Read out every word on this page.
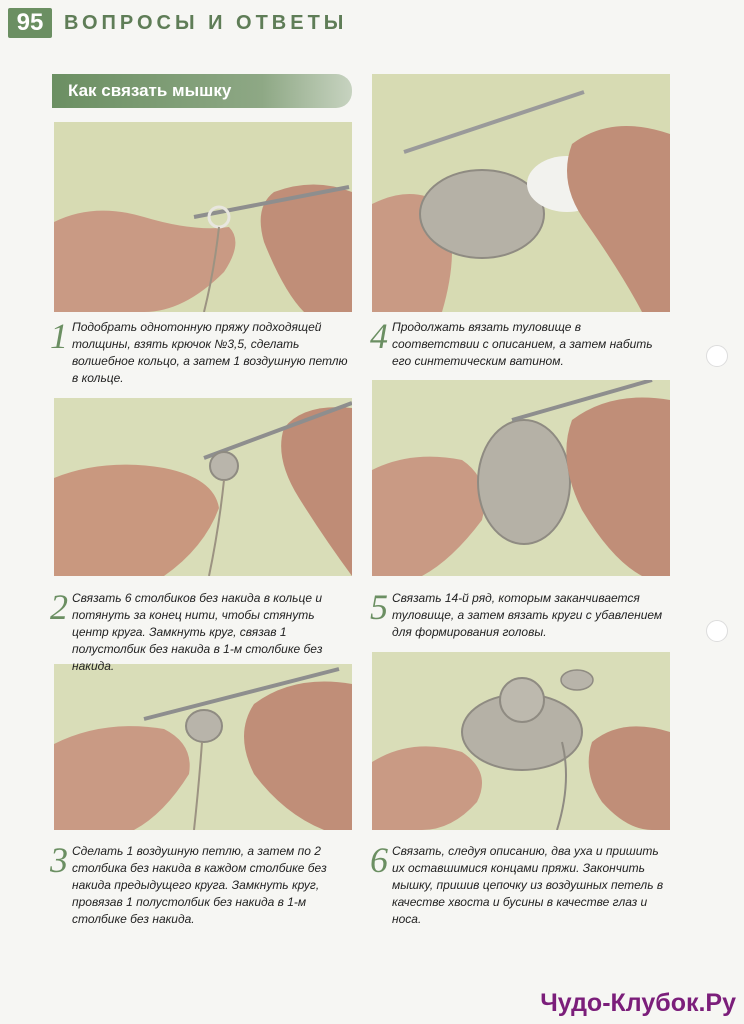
95	ВОПРОСЫ И ОТВЕТЫ
Как связать мышку
1 Подобрать однотонную пряжу подходящей толщины, взять крючок №3,5, сделать волшебное кольцо, а затем 1 воздушную петлю в кольце.
2 Связать 6 столбиков без накида в кольце и потянуть за конец нити, чтобы стянуть центр круга. Замкнуть круг, связав 1 полустолбик без накида в 1-м столбике без накида.
3 Сделать 1 воздушную петлю, а затем по 2 столбика без накида в каждом столбике без накида предыдущего круга. Замкнуть круг, провязав 1 полустолбик без накида в 1-м столбике без накида.
4 Продолжать вязать туловище в соответствии с описанием, а затем набить его синтетическим ватином.
5 Связать 14-й ряд, которым заканчивается туловище, а затем вязать круги с убавлением для формирования головы.
6 Связать, следуя описанию, два уха и пришить их оставшимися концами пряжи. Закончить мышку, пришив цепочку из воздушных петель в качестве хвоста и бусины в качестве глаз и носа.
Чудо-Клубок.Ру
